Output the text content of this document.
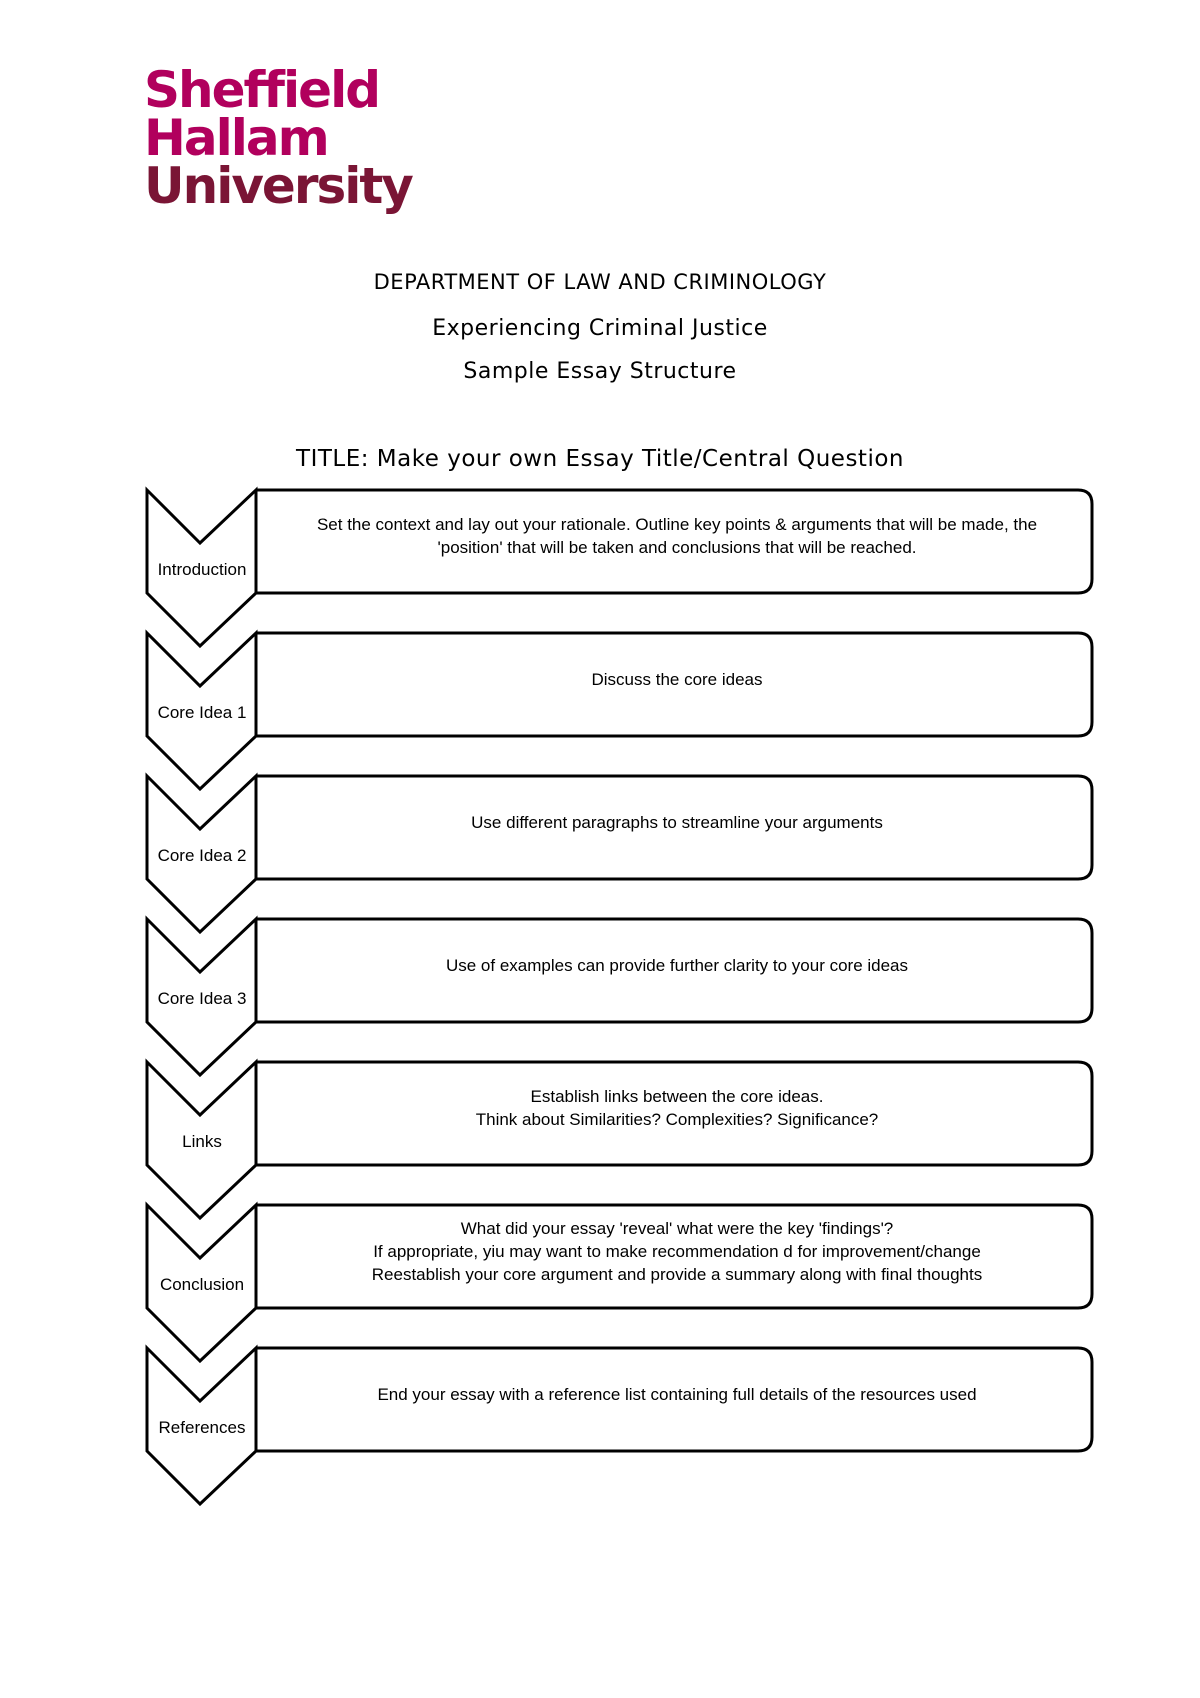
Sheffield
Hallam
University
DEPARTMENT OF LAW AND CRIMINOLOGY
Experiencing Criminal Justice
Sample Essay Structure
TITLE: Make your own Essay Title/Central Question
Introduction
Set the context and lay out your rationale. Outline key points & arguments that will be made, the
'position' that will be taken and conclusions that will be reached.
Core Idea 1
Discuss the core ideas
Core Idea 2
Use different paragraphs to streamline your arguments
Core Idea 3
Use of examples can provide further clarity to your core ideas
Links
Establish links between the core ideas.
Think about Similarities? Complexities? Significance?
Conclusion
What did your essay 'reveal' what were the key 'findings'?
If appropriate, yiu may want to make recommendation d for improvement/change
Reestablish your core argument and provide a summary along with final thoughts
References
End your essay with a reference list containing full details of the resources used
